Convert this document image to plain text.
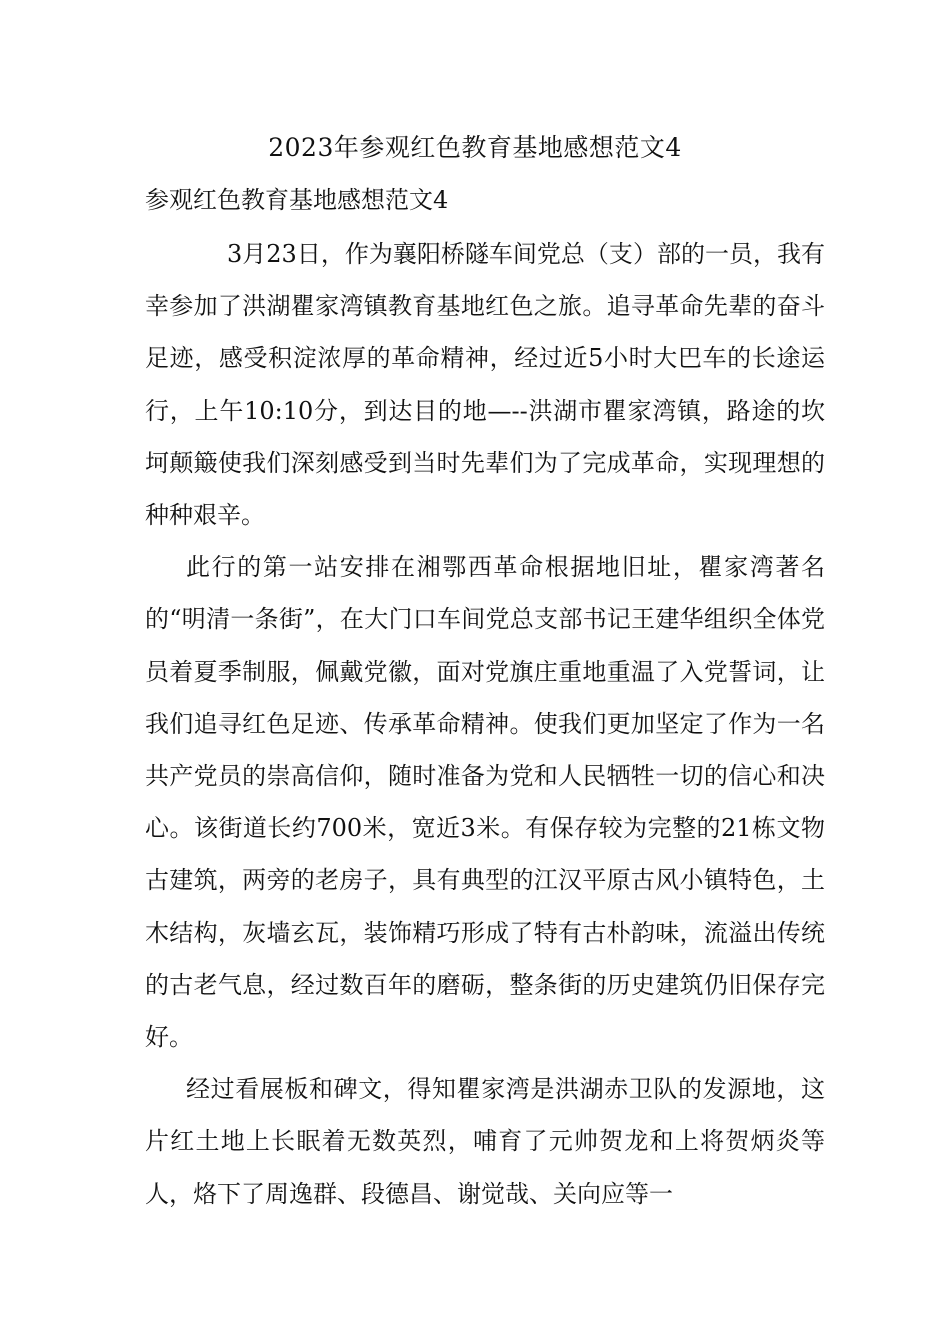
2023年参观红色教育基地感想范文4
参观红色教育基地感想范文4

3月23日，作为襄阳桥隧车间党总（支）部的一员，我有幸参加了洪湖瞿家湾镇教育基地红色之旅。追寻革命先辈的奋斗足迹，感受积淀浓厚的革命精神，经过近5小时大巴车的长途运行，上午10:10分，到达目的地—--洪湖市瞿家湾镇，路途的坎坷颠簸使我们深刻感受到当时先辈们为了完成革命，实现理想的种种艰辛。

此行的第一站安排在湘鄂西革命根据地旧址，瞿家湾著名的“明清一条街”，在大门口车间党总支部书记王建华组织全体党员着夏季制服，佩戴党徽，面对党旗庄重地重温了入党誓词，让我们追寻红色足迹、传承革命精神。使我们更加坚定了作为一名共产党员的崇高信仰，随时准备为党和人民牺牲一切的信心和决心。该街道长约700米，宽近3米。有保存较为完整的21栋文物古建筑，两旁的老房子，具有典型的江汉平原古风小镇特色，土木结构，灰墙玄瓦，装饰精巧形成了特有古朴韵味，流溢出传统的古老气息，经过数百年的磨砺，整条街的历史建筑仍旧保存完好。

经过看展板和碑文，得知瞿家湾是洪湖赤卫队的发源地，这片红土地上长眠着无数英烈，哺育了元帅贺龙和上将贺炳炎等人，烙下了周逸群、段德昌、谢觉哉、关向应等一
